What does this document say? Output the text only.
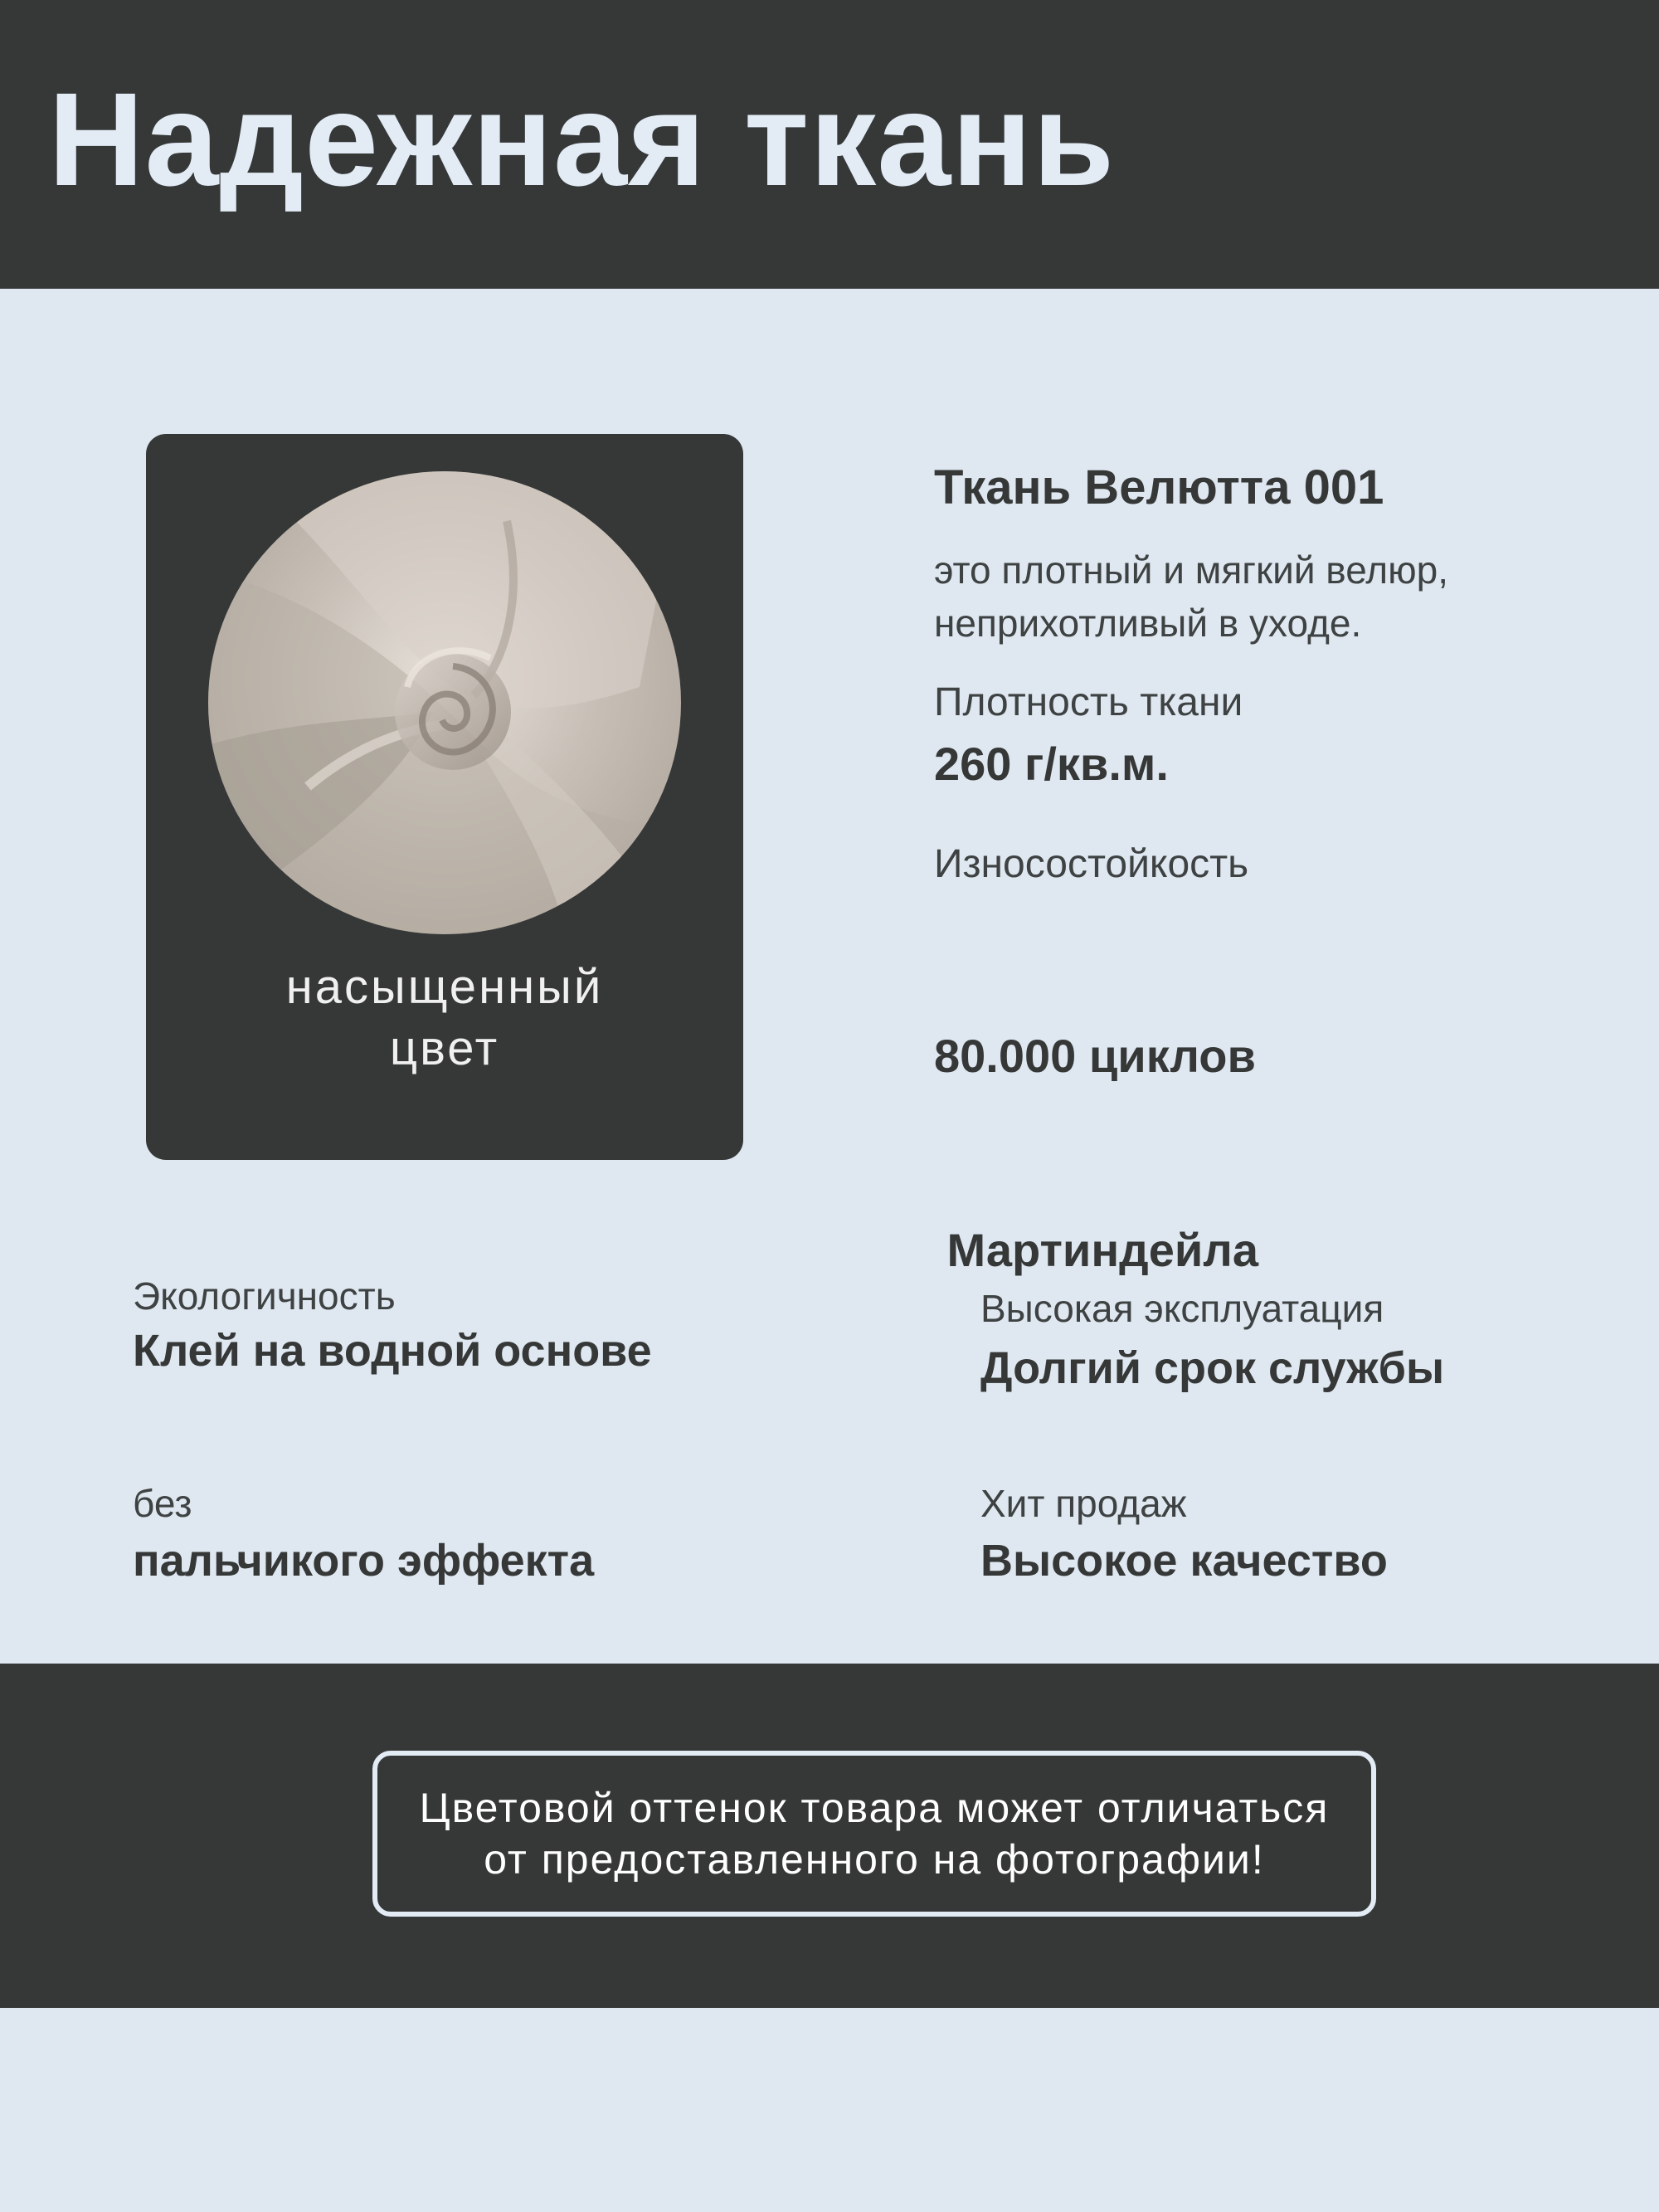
Надежная ткань
насыщенный
цвет
Ткань Велютта 001
это плотный и мягкий велюр,
неприхотливый в уходе.
Плотность ткани
260 г/кв.м.
Износостойкость

80.000 циклов

Мартиндейла

Экологичность
Клей на водной основе
Высокая эксплуатация
Долгий срок службы
без
пальчикого эффекта
Хит продаж
Высокое качество
Цветовой оттенок товара может отличаться
от предоставленного на фотографии!
